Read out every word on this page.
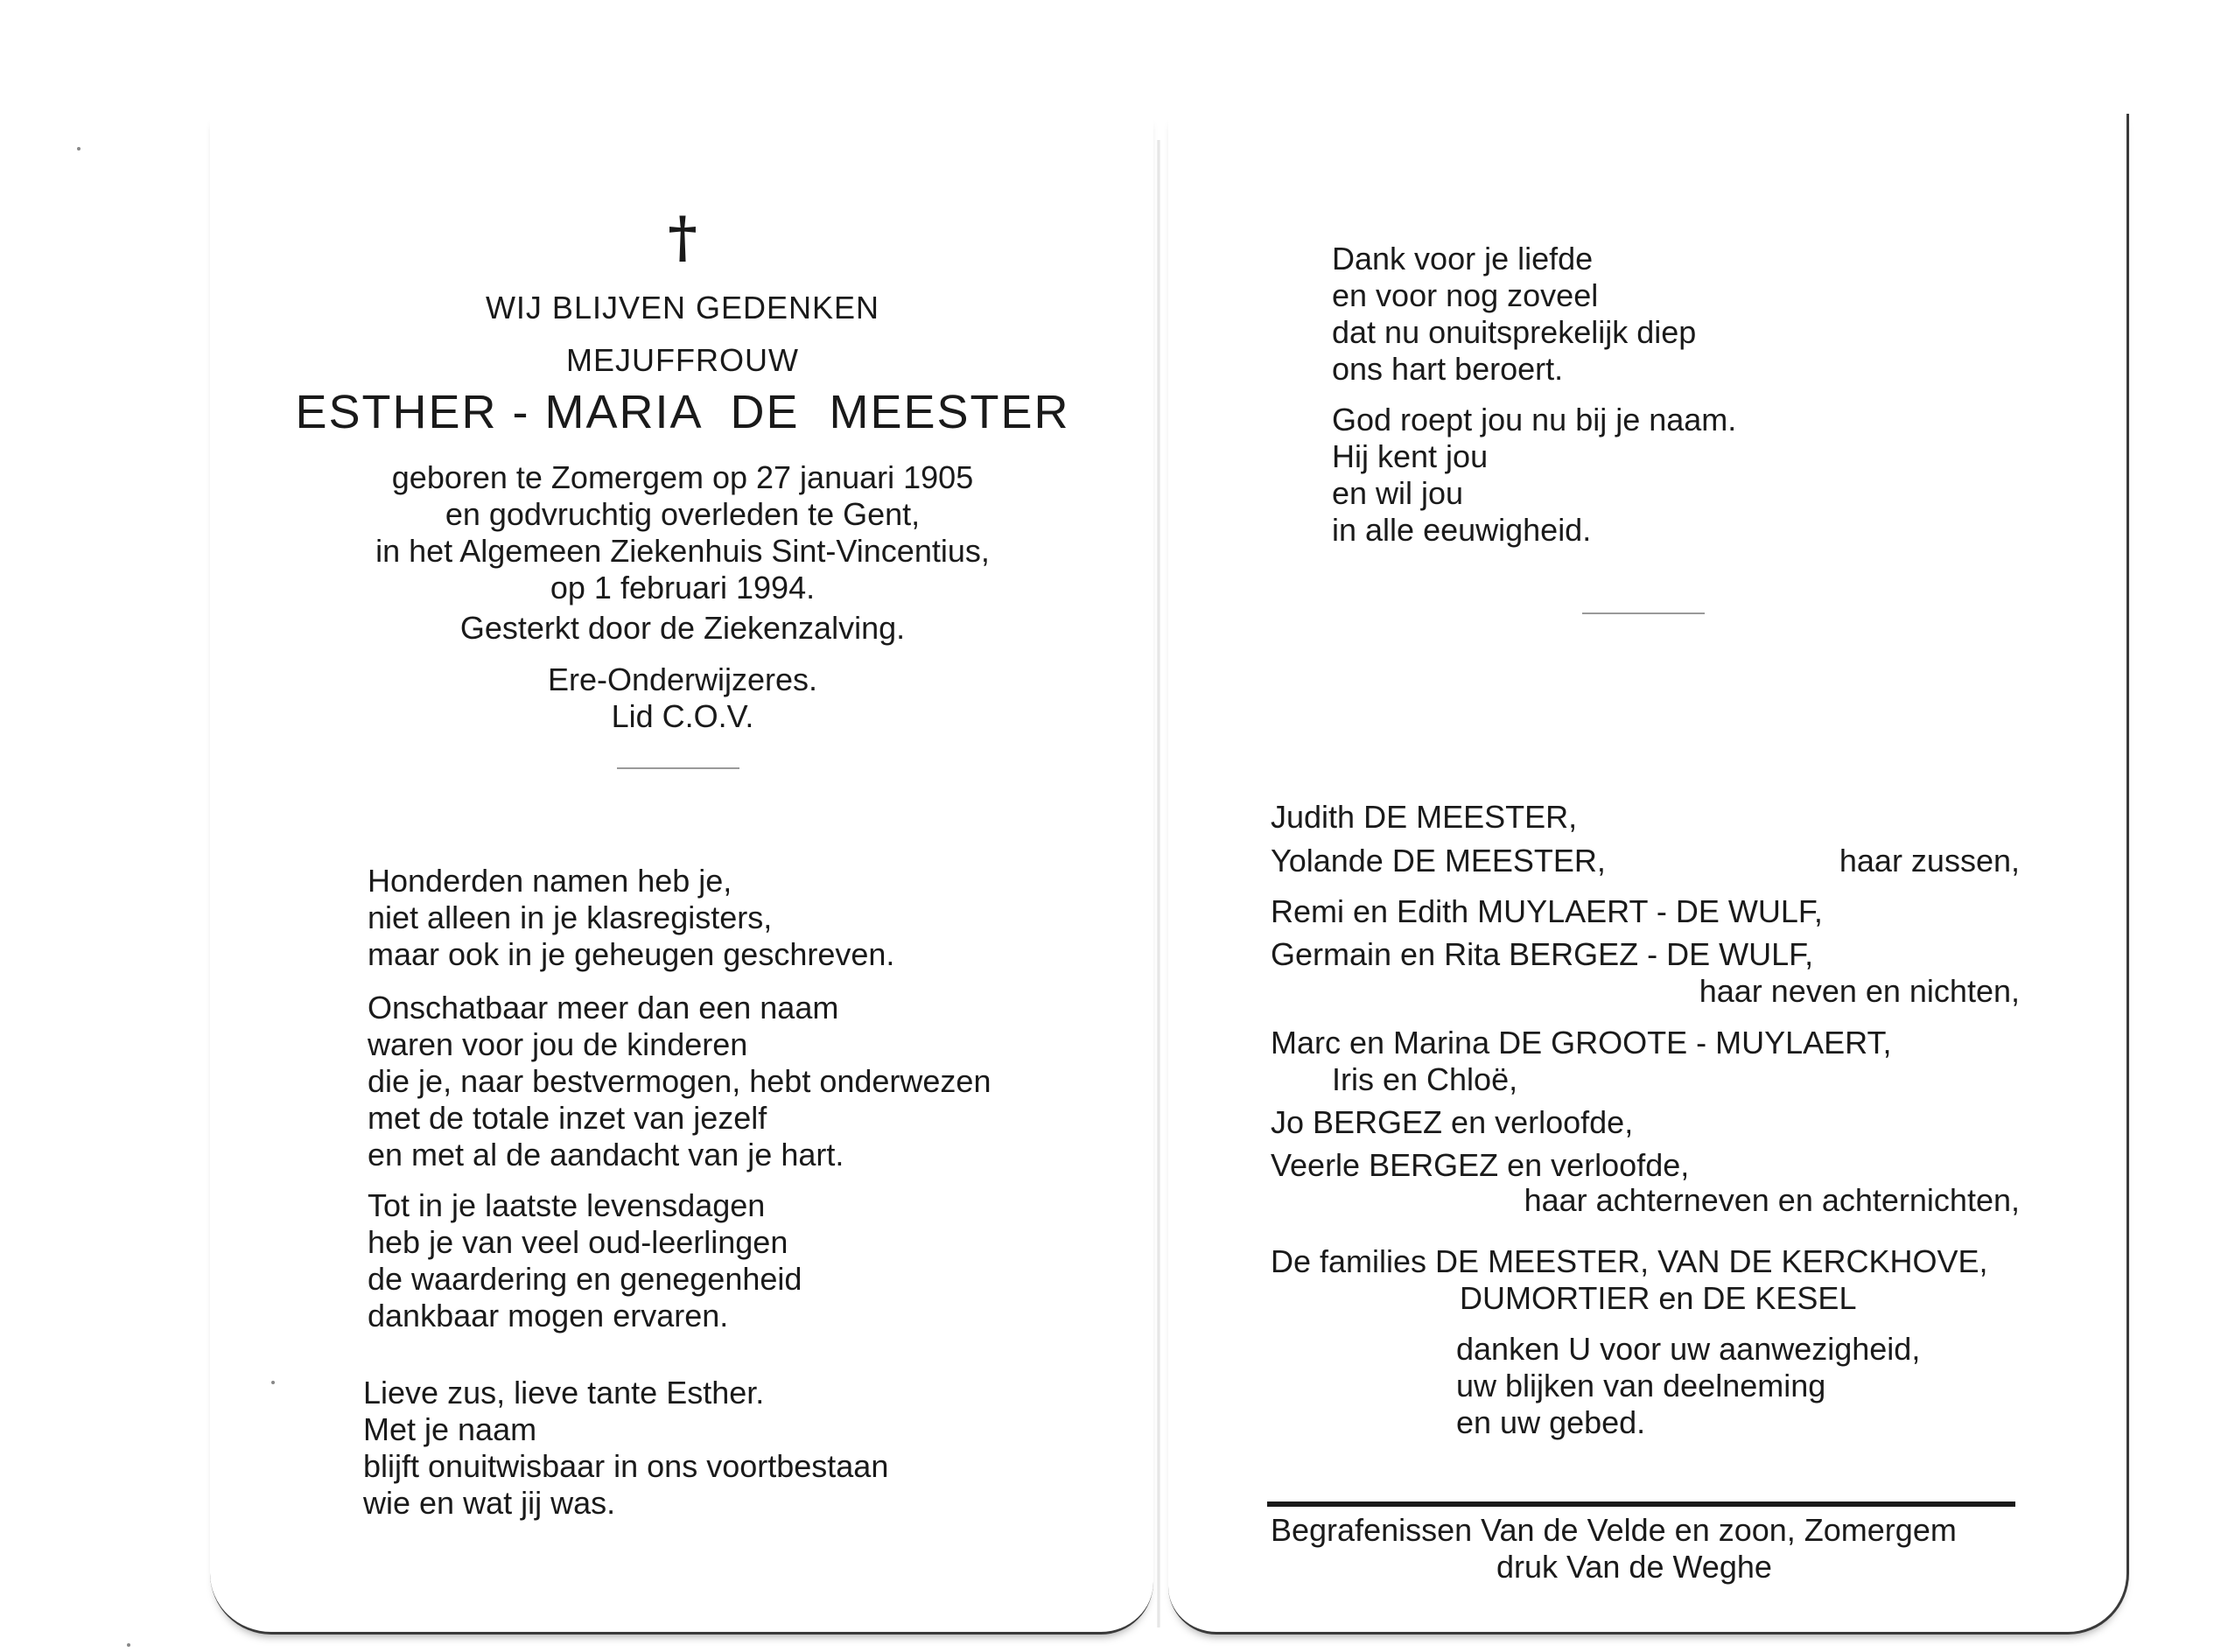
†
WIJ BLIJVEN GEDENKEN
MEJUFFROUW
ESTHER - MARIA  DE  MEESTER
geboren te Zomergem op 27 januari 1905
en godvruchtig overleden te Gent,
in het Algemeen Ziekenhuis Sint-Vincentius,
op 1 februari 1994.
Gesterkt door de Ziekenzalving.
Ere-Onderwijzeres.
Lid C.O.V.
Honderden namen heb je,
niet alleen in je klasregisters,
maar ook in je geheugen geschreven.
Onschatbaar meer dan een naam
waren voor jou de kinderen
die je, naar bestvermogen, hebt onderwezen
met de totale inzet van jezelf
en met al de aandacht van je hart.
Tot in je laatste levensdagen
heb je van veel oud-leerlingen
de waardering en genegenheid
dankbaar mogen ervaren.
Lieve zus, lieve tante Esther.
Met je naam
blijft onuitwisbaar in ons voortbestaan
wie en wat jij was.
Dank voor je liefde
en voor nog zoveel
dat nu onuitsprekelijk diep
ons hart beroert.
God roept jou nu bij je naam.
Hij kent jou
en wil jou
in alle eeuwigheid.
Judith DE MEESTER,
Yolande DE MEESTER,	haar zussen,
Remi en Edith MUYLAERT - DE WULF,
Germain en Rita BERGEZ - DE WULF,
haar neven en nichten,
Marc en Marina DE GROOTE - MUYLAERT,
Iris en Chloë,
Jo BERGEZ en verloofde,
Veerle BERGEZ en verloofde,
haar achterneven en achternichten,
De families DE MEESTER, VAN DE KERCKHOVE,
DUMORTIER en DE KESEL
danken U voor uw aanwezigheid,
uw blijken van deelneming
en uw gebed.
Begrafenissen Van de Velde en zoon, Zomergem
druk Van de Weghe
